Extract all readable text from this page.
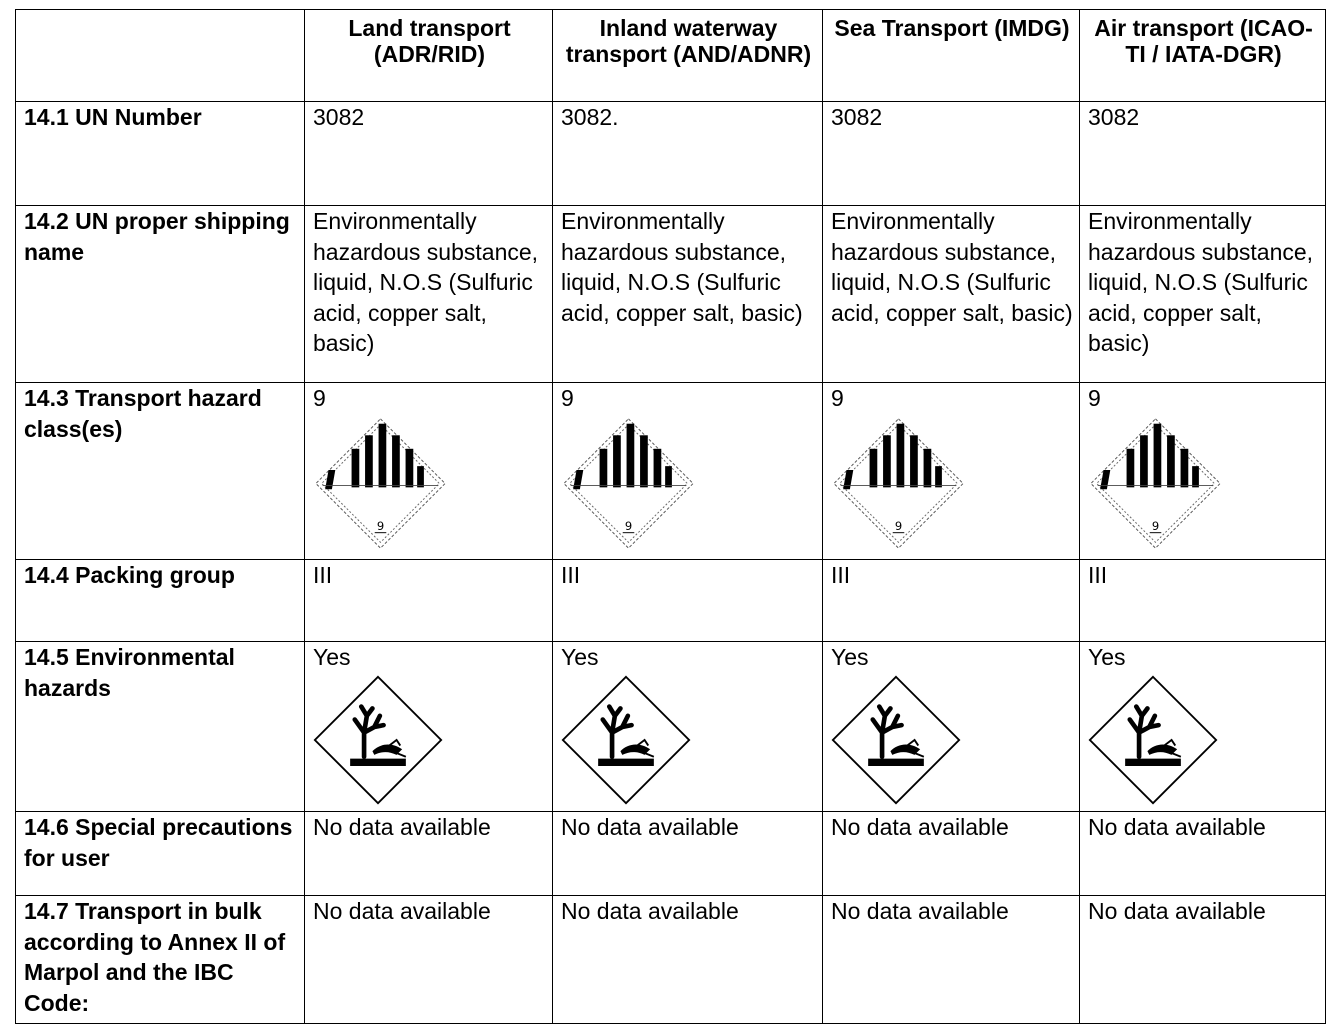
	Land transport (ADR/RID)	Inland waterway transport (AND/ADNR)	Sea Transport (IMDG)	Air transport (ICAO-TI / IATA-DGR)
14.1 UN Number	3082	3082.	3082	3082
14.2 UN proper shipping name	Environmentally hazardous substance, liquid, N.O.S (Sulfuric acid, copper salt, basic)	Environmentally hazardous substance, liquid, N.O.S (Sulfuric acid, copper salt, basic)	Environmentally hazardous substance, liquid, N.O.S (Sulfuric acid, copper salt, basic)	Environmentally hazardous substance, liquid, N.O.S (Sulfuric acid, copper salt, basic)
14.3 Transport hazard class(es)	9	9	9	9

14.4 Packing group	III	III	III	III
14.5 Environmental hazards	Yes	Yes	Yes	Yes

14.6 Special precautions for user	No data available	No data available	No data available	No data available
14.7 Transport in bulk according to Annex II of Marpol and the IBC Code:	No data available	No data available	No data available	No data available
